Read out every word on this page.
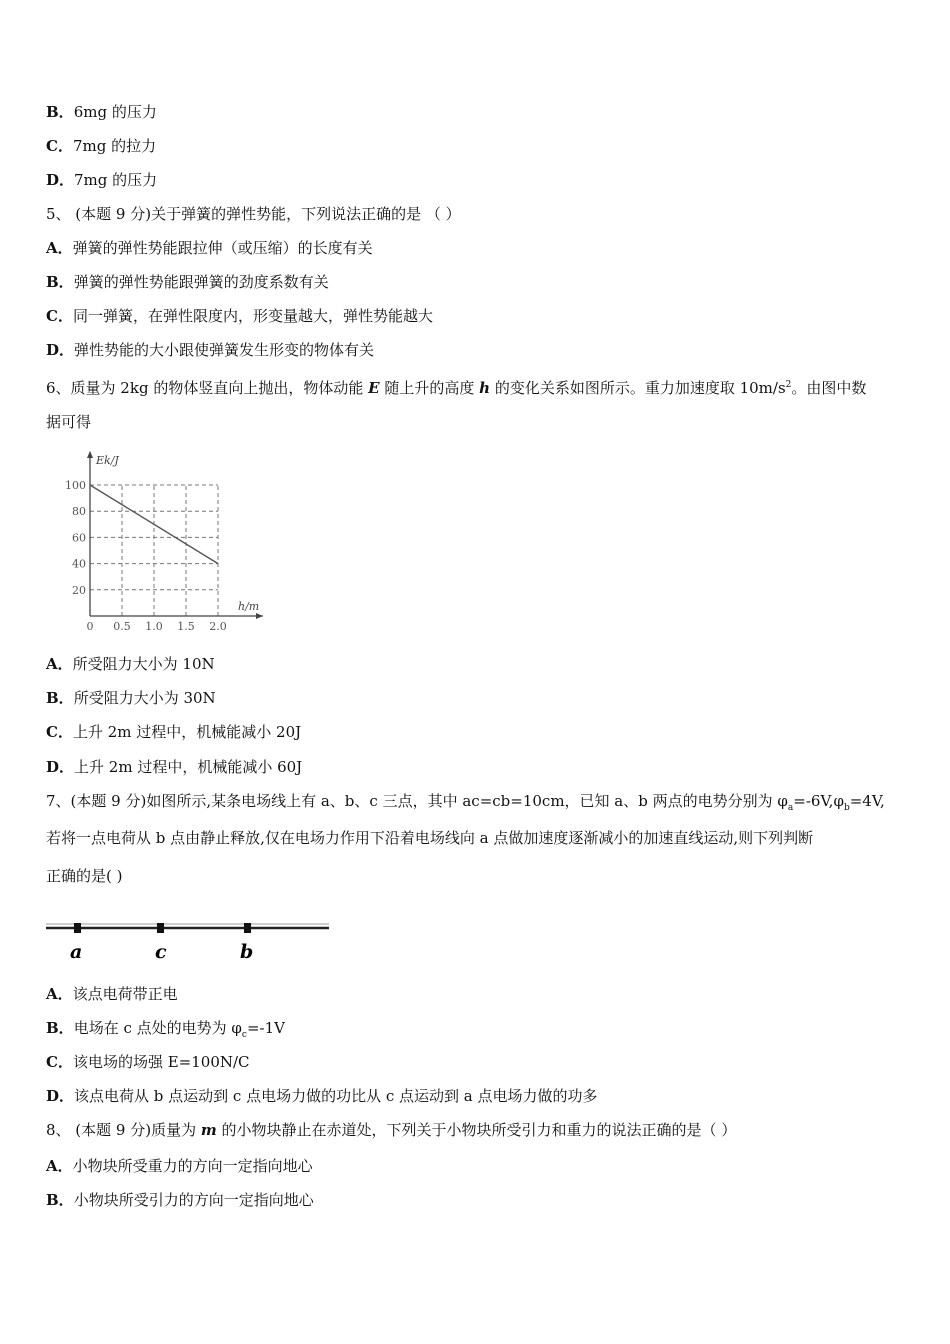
B．6mg 的压力
C．7mg 的拉力
D．7mg 的压力
5、 (本题 9 分)关于弹簧的弹性势能，下列说法正确的是 （ ）
A．弹簧的弹性势能跟拉伸（或压缩）的长度有关
B．弹簧的弹性势能跟弹簧的劲度系数有关
C．同一弹簧，在弹性限度内，形变量越大，弹性势能越大
D．弹性势能的大小跟使弹簧发生形变的物体有关
6、质量为 2kg 的物体竖直向上抛出，物体动能 E 随上升的高度 h 的变化关系如图所示。重力加速度取 $10m/s^2$。由图中数
据可得
Ek/J
h/m
0 0.5 1.0 1.5 2.0
100
80
60
40
20
A．所受阻力大小为 10N
B．所受阻力大小为 30N
C．上升 2m 过程中，机械能减小 20J
D．上升 2m 过程中，机械能减小 60J
7、(本题 9 分)如图所示,某条电场线上有 a、b、c 三点，其中 ac=cb=10cm，已知 a、b 两点的电势分别为 $\varphi_a=-6V,\varphi_b=4V$,
若将一点电荷从 b 点由静止释放,仅在电场力作用下沿着电场线向 a 点做加速度逐渐减小的加速直线运动,则下列判断
正确的是( )
a	c	b
A．该点电荷带正电
B．电场在 c 点处的电势为 $\varphi_c=-1V$
C．该电场的场强 E=100N/C
D．该点电荷从 b 点运动到 c 点电场力做的功比从 c 点运动到 a 点电场力做的功多
8、 (本题 9 分)质量为 m 的小物块静止在赤道处，下列关于小物块所受引力和重力的说法正确的是（ ）
A．小物块所受重力的方向一定指向地心
B．小物块所受引力的方向一定指向地心
